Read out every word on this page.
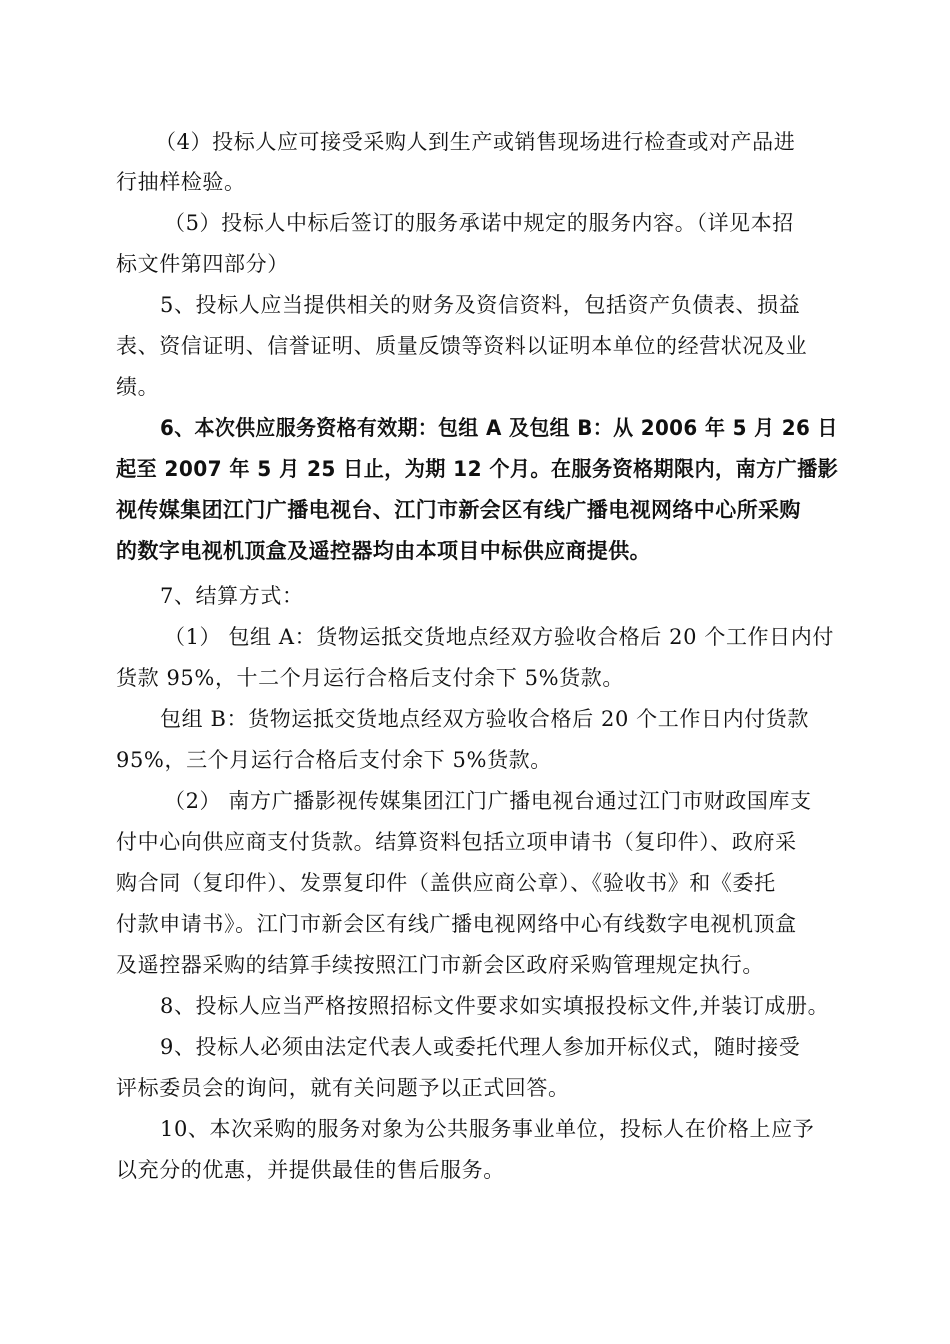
（4）投标人应可接受采购人到生产或销售现场进行检查或对产品进
行抽样检验。
（5）投标人中标后签订的服务承诺中规定的服务内容。（详见本招
标文件第四部分）
5、投标人应当提供相关的财务及资信资料，包括资产负债表、损益
表、资信证明、信誉证明、质量反馈等资料以证明本单位的经营状况及业
绩。
6、本次供应服务资格有效期：包组 A 及包组 B：从 2006 年 5 月 26 日
起至 2007 年 5 月 25 日止，为期 12 个月。在服务资格期限内，南方广播影
视传媒集团江门广播电视台、江门市新会区有线广播电视网络中心所采购
的数字电视机顶盒及遥控器均由本项目中标供应商提供。
7、结算方式：
（1） 包组 A：货物运抵交货地点经双方验收合格后 20 个工作日内付
货款 95%，十二个月运行合格后支付余下 5%货款。
包组 B：货物运抵交货地点经双方验收合格后 20 个工作日内付货款
95%，三个月运行合格后支付余下 5%货款。
（2） 南方广播影视传媒集团江门广播电视台通过江门市财政国库支
付中心向供应商支付货款。结算资料包括立项申请书（复印件）、政府采
购合同（复印件）、发票复印件（盖供应商公章）、《验收书》和《委托
付款申请书》。江门市新会区有线广播电视网络中心有线数字电视机顶盒
及遥控器采购的结算手续按照江门市新会区政府采购管理规定执行。
8、投标人应当严格按照招标文件要求如实填报投标文件,并装订成册。
9、投标人必须由法定代表人或委托代理人参加开标仪式，随时接受
评标委员会的询问，就有关问题予以正式回答。
10、本次采购的服务对象为公共服务事业单位，投标人在价格上应予
以充分的优惠，并提供最佳的售后服务。
